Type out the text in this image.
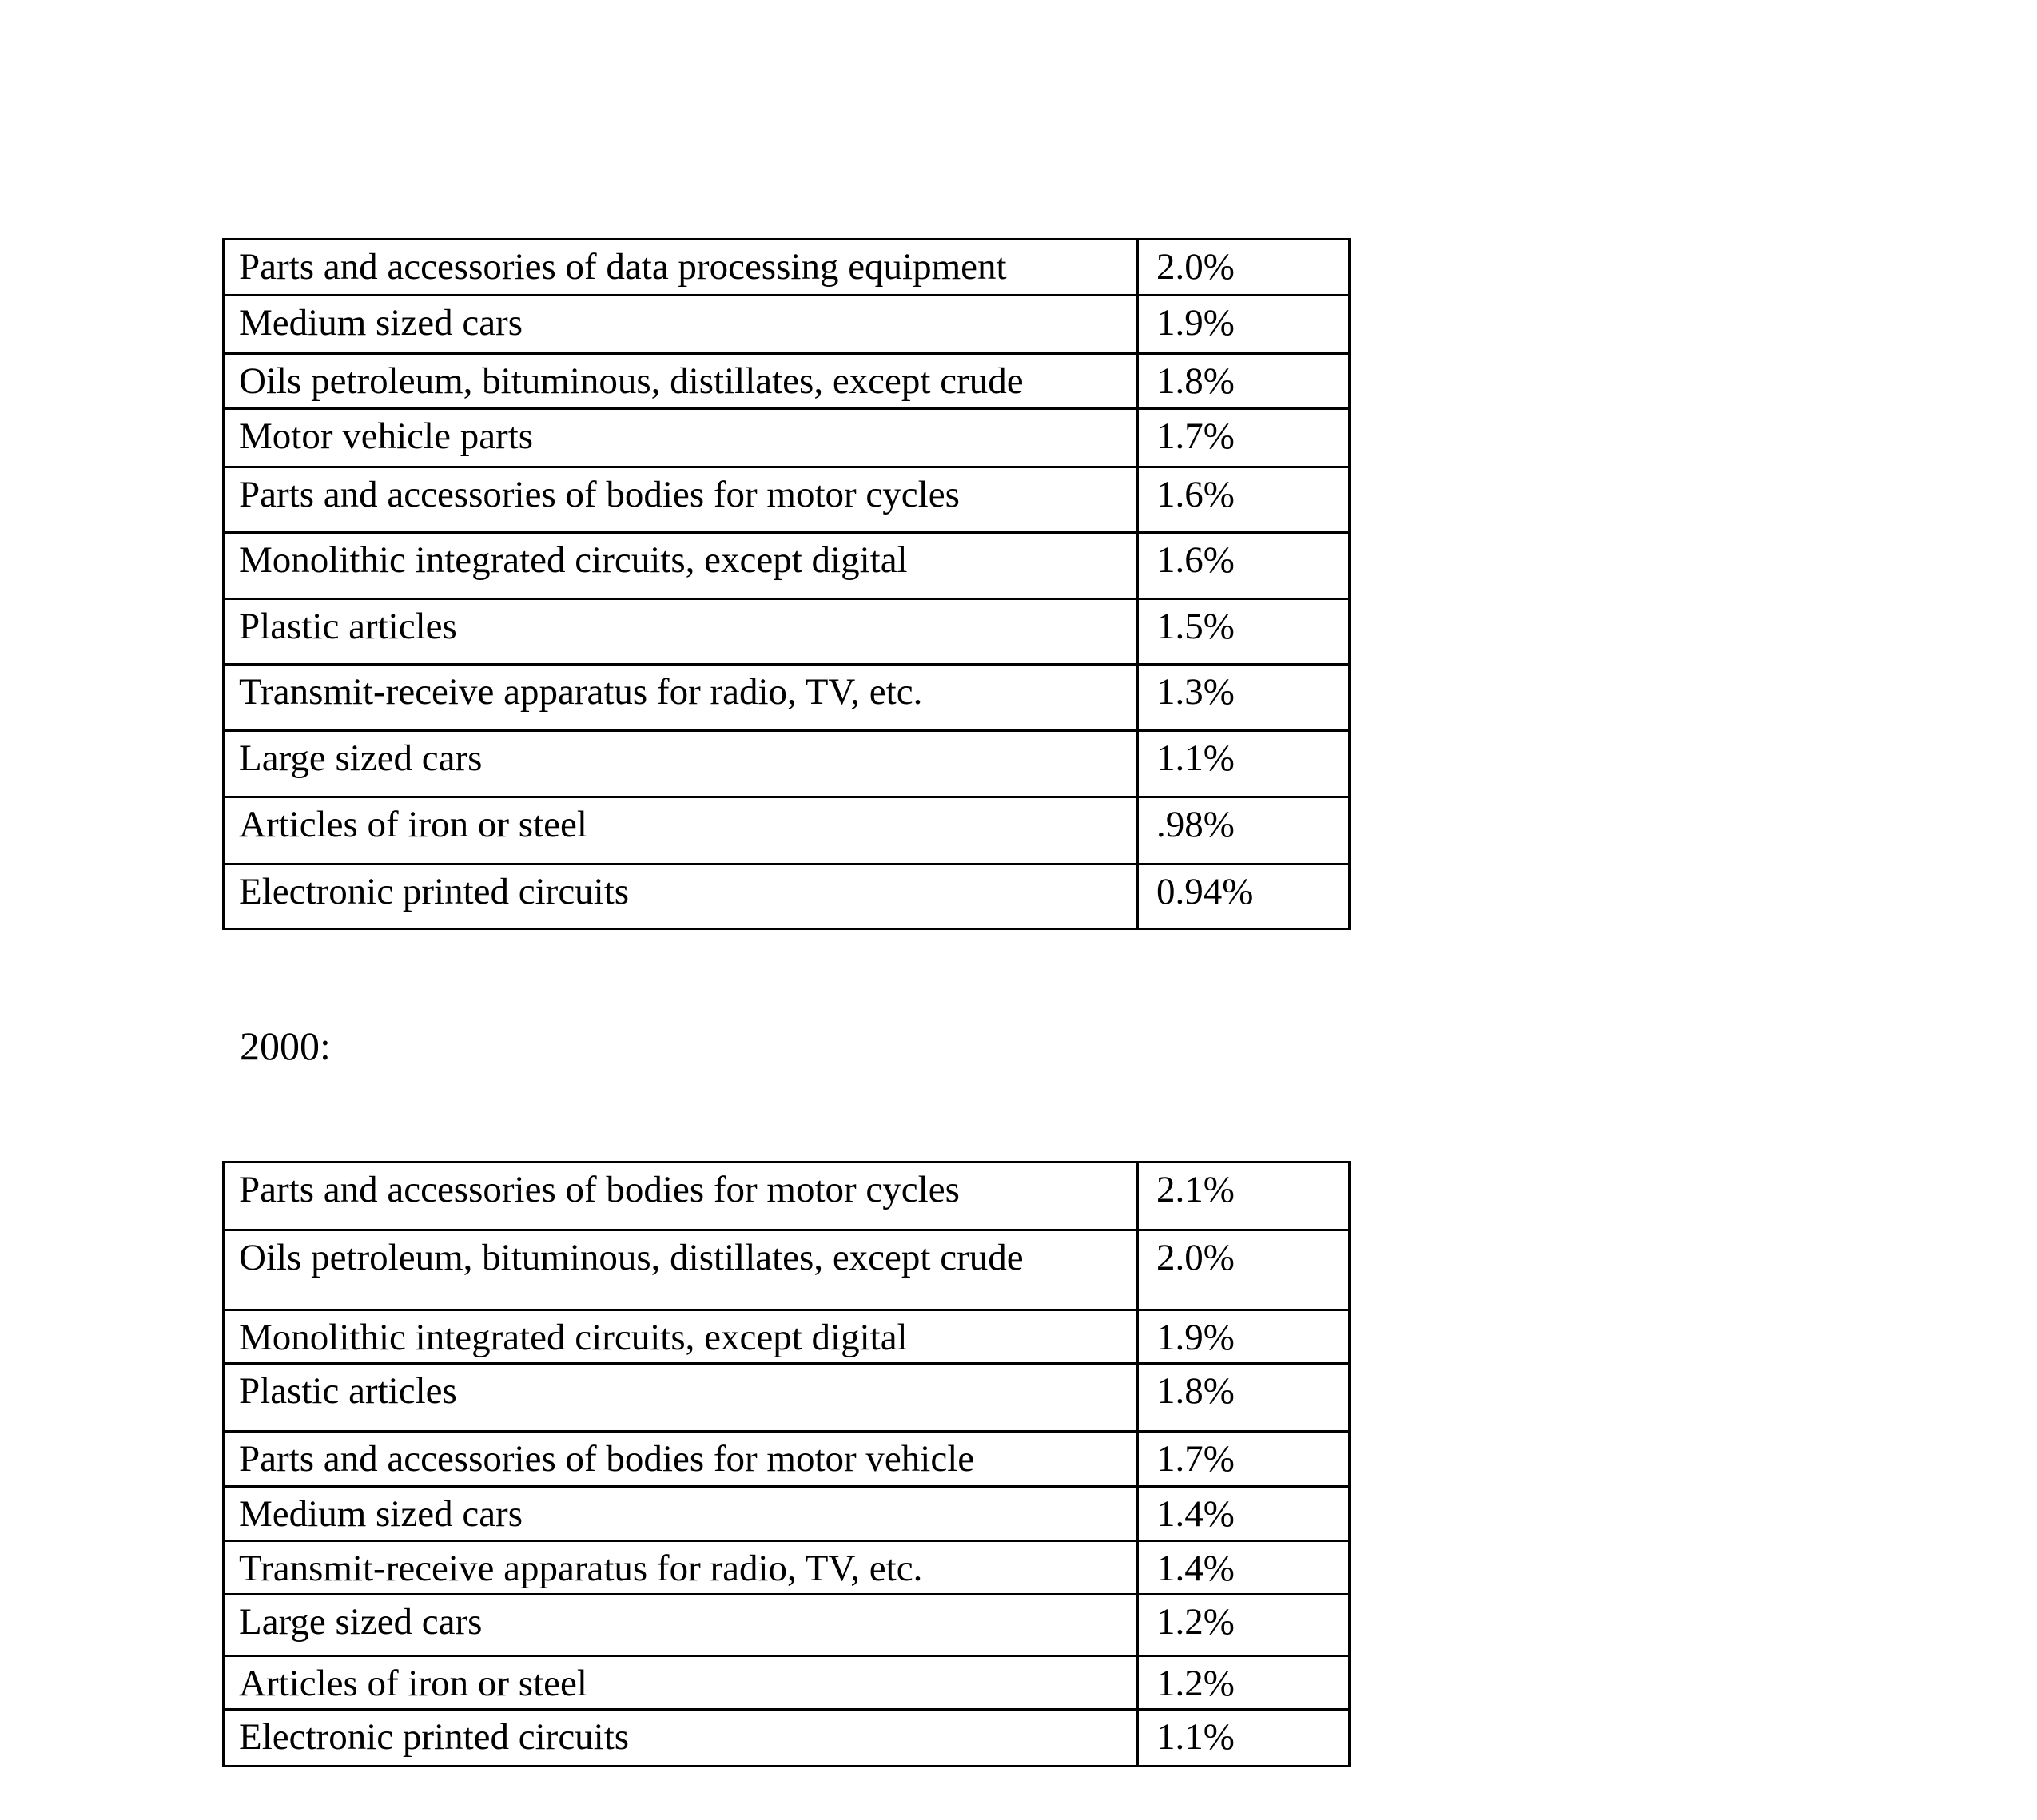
Parts and accessories of data processing equipment	2.0%
Medium sized cars	1.9%
Oils petroleum, bituminous, distillates, except crude	1.8%
Motor vehicle parts	1.7%
Parts and accessories of bodies for motor cycles	1.6%
Monolithic integrated circuits, except digital	1.6%
Plastic articles	1.5%
Transmit-receive apparatus for radio, TV, etc.	1.3%
Large sized cars	1.1%
Articles of iron or steel	.98%
Electronic printed circuits	0.94%
2000:
Parts and accessories of bodies for motor cycles	2.1%
Oils petroleum, bituminous, distillates, except crude	2.0%
Monolithic integrated circuits, except digital	1.9%
Plastic articles	1.8%
Parts and accessories of bodies for motor vehicle	1.7%
Medium sized cars	1.4%
Transmit-receive apparatus for radio, TV, etc.	1.4%
Large sized cars	1.2%
Articles of iron or steel	1.2%
Electronic printed circuits	1.1%
